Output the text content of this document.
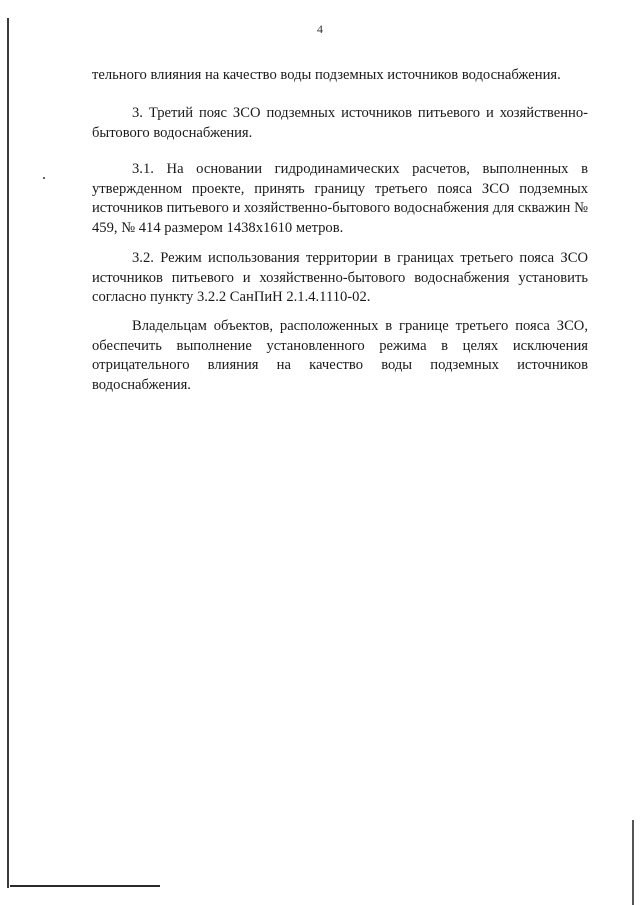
4
тельного влияния на качество воды подземных источников водоснабжения.
3. Третий пояс ЗСО подземных источников питьевого и хозяйственно-бытового водоснабжения.
3.1. На основании гидродинамических расчетов, выполненных в утвержденном проекте, принять границу третьего пояса ЗСО подземных источников питьевого и хозяйственно-бытового водоснабжения для скважин № 459, № 414 размером 1438x1610 метров.
3.2. Режим использования территории в границах третьего пояса ЗСО источников питьевого и хозяйственно-бытового водоснабжения установить согласно пункту 3.2.2 СанПиН 2.1.4.1110-02.
Владельцам объектов, расположенных в границе третьего пояса ЗСО, обеспечить выполнение установленного режима в целях исключения отрицательного влияния на качество воды подземных источников водоснабжения.
